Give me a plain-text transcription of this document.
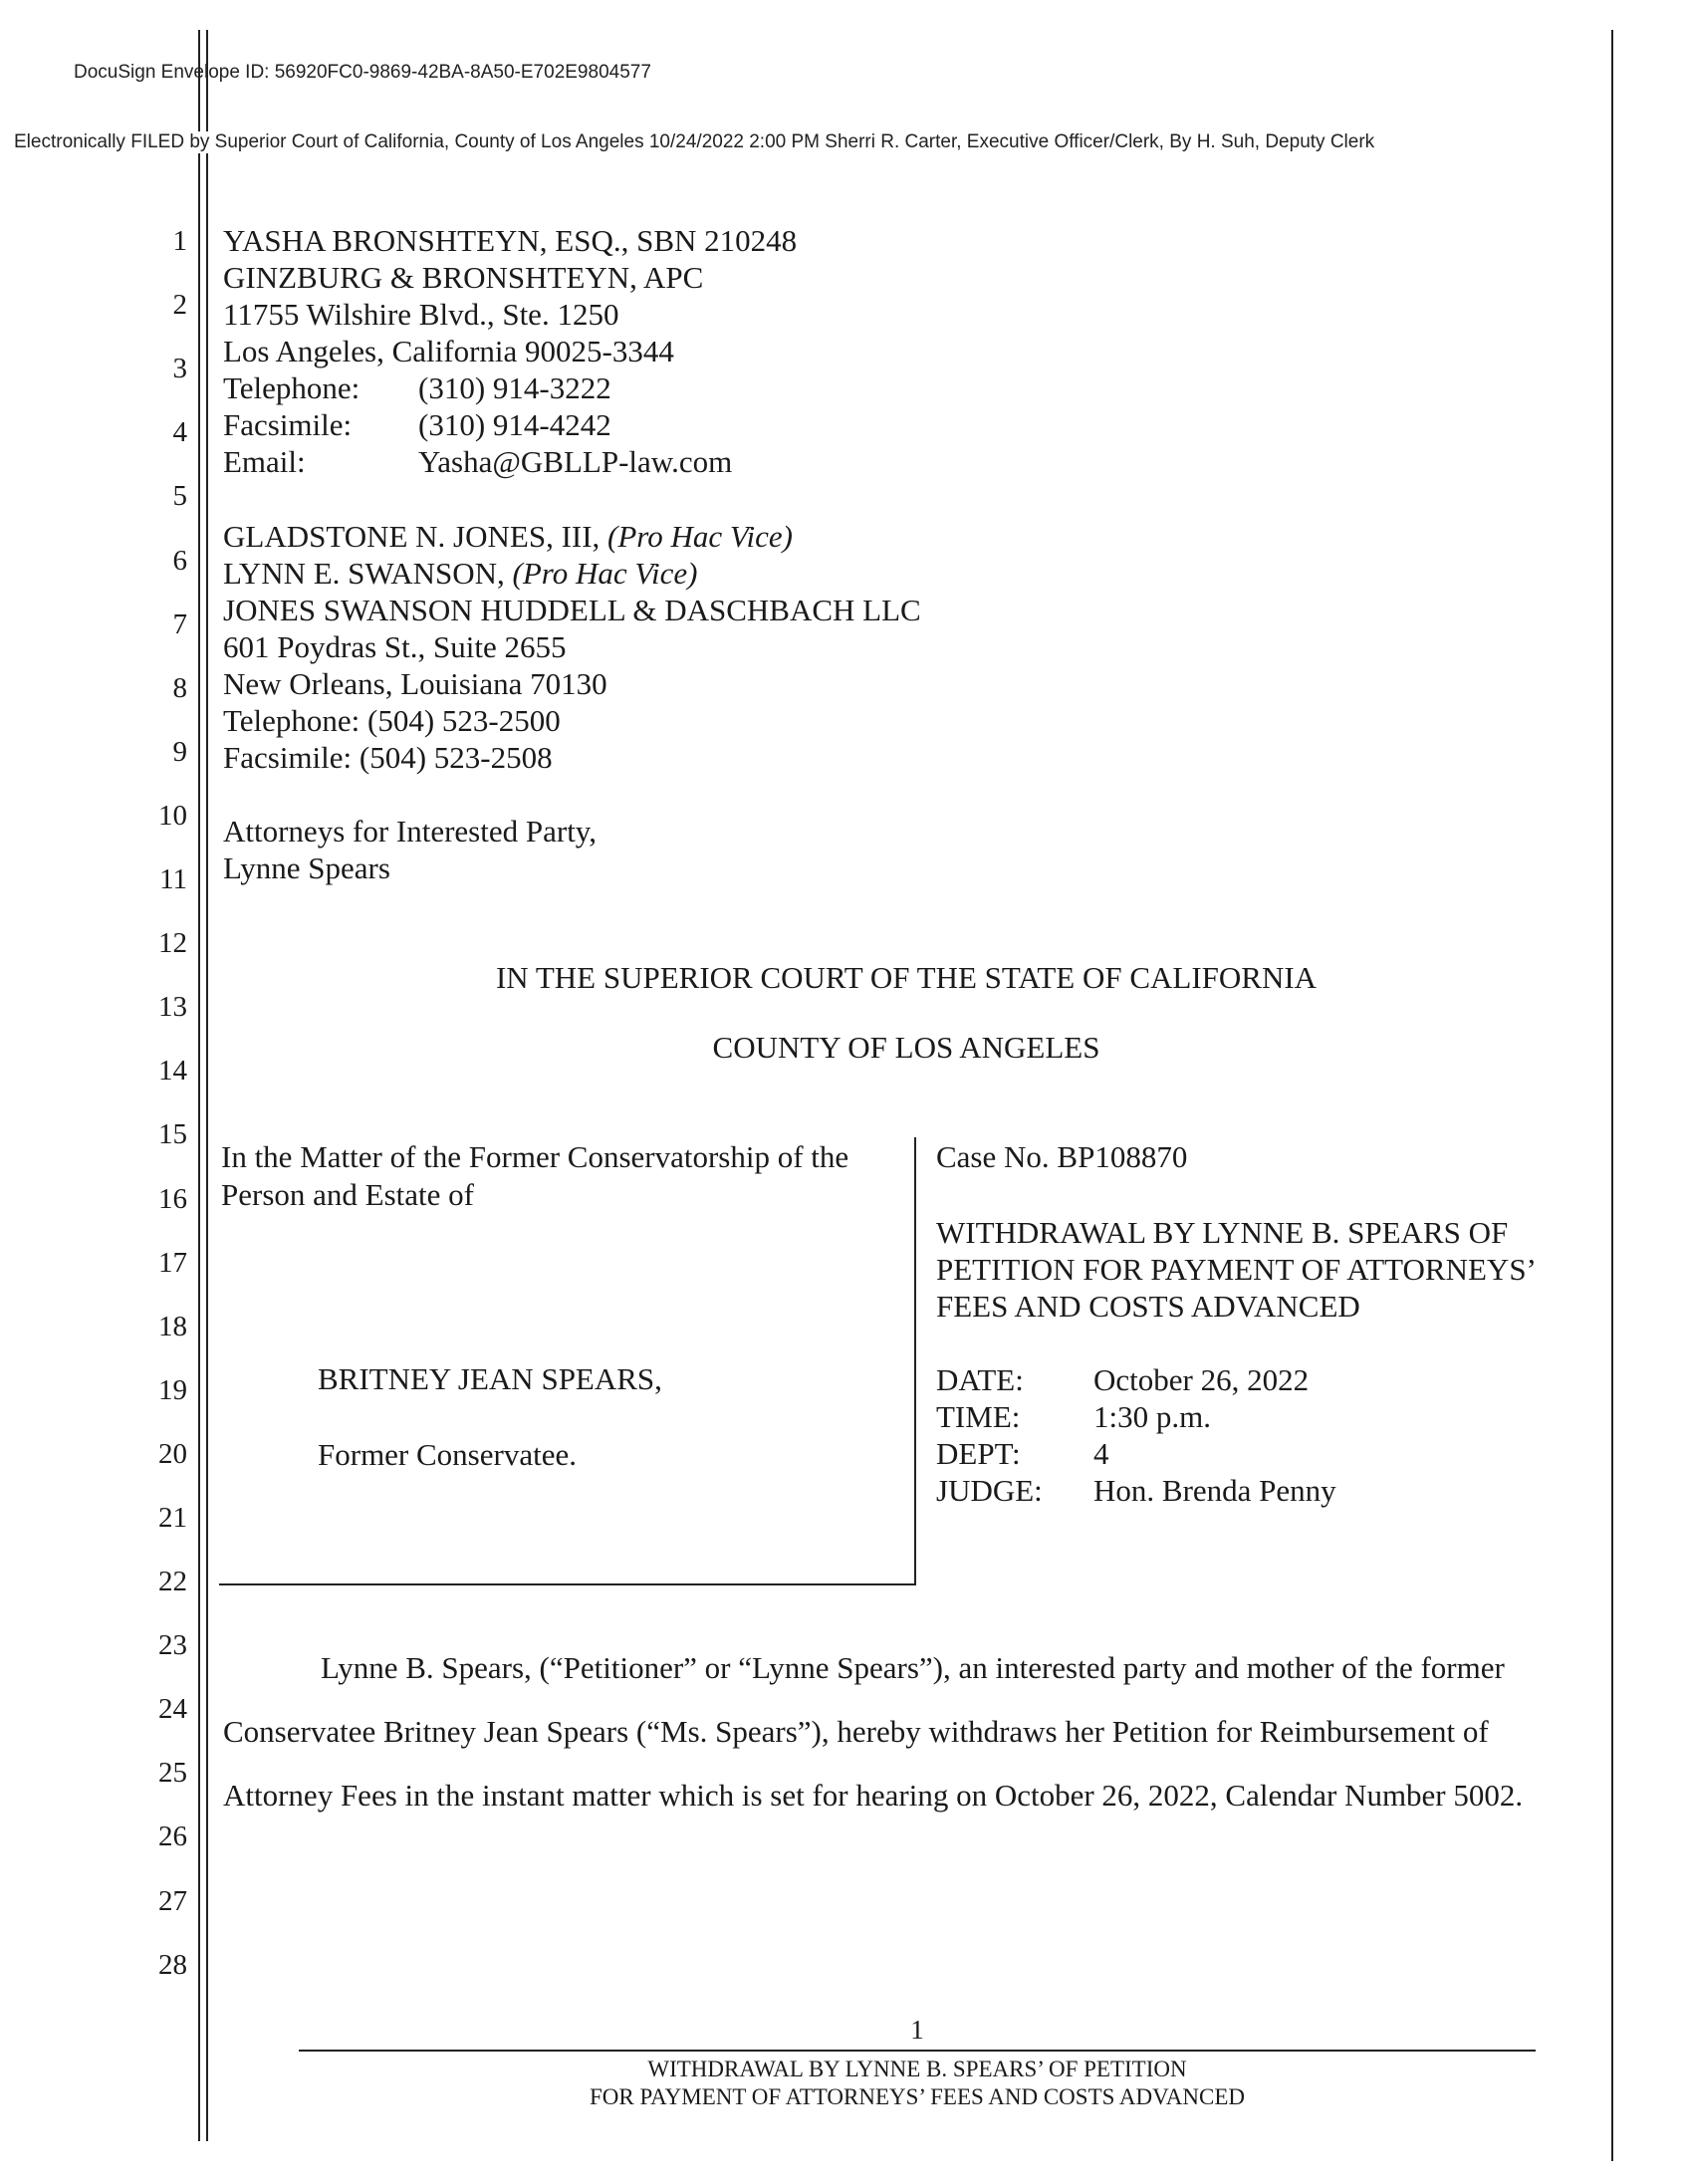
DocuSign Envelope ID: 56920FC0-9869-42BA-8A50-E702E9804577
Electronically FILED by Superior Court of California, County of Los Angeles 10/24/2022 2:00 PM Sherri R. Carter, Executive Officer/Clerk, By H. Suh, Deputy Clerk
1
2
3
4
5
6
7
8
9
10
11
12
13
14
15
16
17
18
19
20
21
22
23
24
25
26
27
28
YASHA BRONSHTEYN, ESQ., SBN 210248
GINZBURG & BRONSHTEYN, APC
11755 Wilshire Blvd., Ste. 1250
Los Angeles, California 90025-3344
Telephone:	(310) 914-3222
Facsimile:	(310) 914-4242
Email:	Yasha@GBLLP-law.com
GLADSTONE N. JONES, III, (Pro Hac Vice)
LYNN E. SWANSON, (Pro Hac Vice)
JONES SWANSON HUDDELL & DASCHBACH LLC
601 Poydras St., Suite 2655
New Orleans, Louisiana 70130
Telephone: (504) 523-2500
Facsimile: (504) 523-2508
Attorneys for Interested Party,
Lynne Spears
IN THE SUPERIOR COURT OF THE STATE OF CALIFORNIA
COUNTY OF LOS ANGELES
In the Matter of the Former Conservatorship of the
Person and Estate of
BRITNEY JEAN SPEARS,
Former Conservatee.
Case No. BP108870
WITHDRAWAL BY LYNNE B. SPEARS OF
PETITION FOR PAYMENT OF ATTORNEYS’
FEES AND COSTS ADVANCED
DATE:	October 26, 2022
TIME:	1:30 p.m.
DEPT:	4
JUDGE:	Hon. Brenda Penny
Lynne B. Spears, (“Petitioner” or “Lynne Spears”), an interested party and mother of the former
Conservatee Britney Jean Spears (“Ms. Spears”), hereby withdraws her Petition for Reimbursement of
Attorney Fees in the instant matter which is set for hearing on October 26, 2022, Calendar Number 5002.
1
WITHDRAWAL BY LYNNE B. SPEARS’ OF PETITION
FOR PAYMENT OF ATTORNEYS’ FEES AND COSTS ADVANCED
